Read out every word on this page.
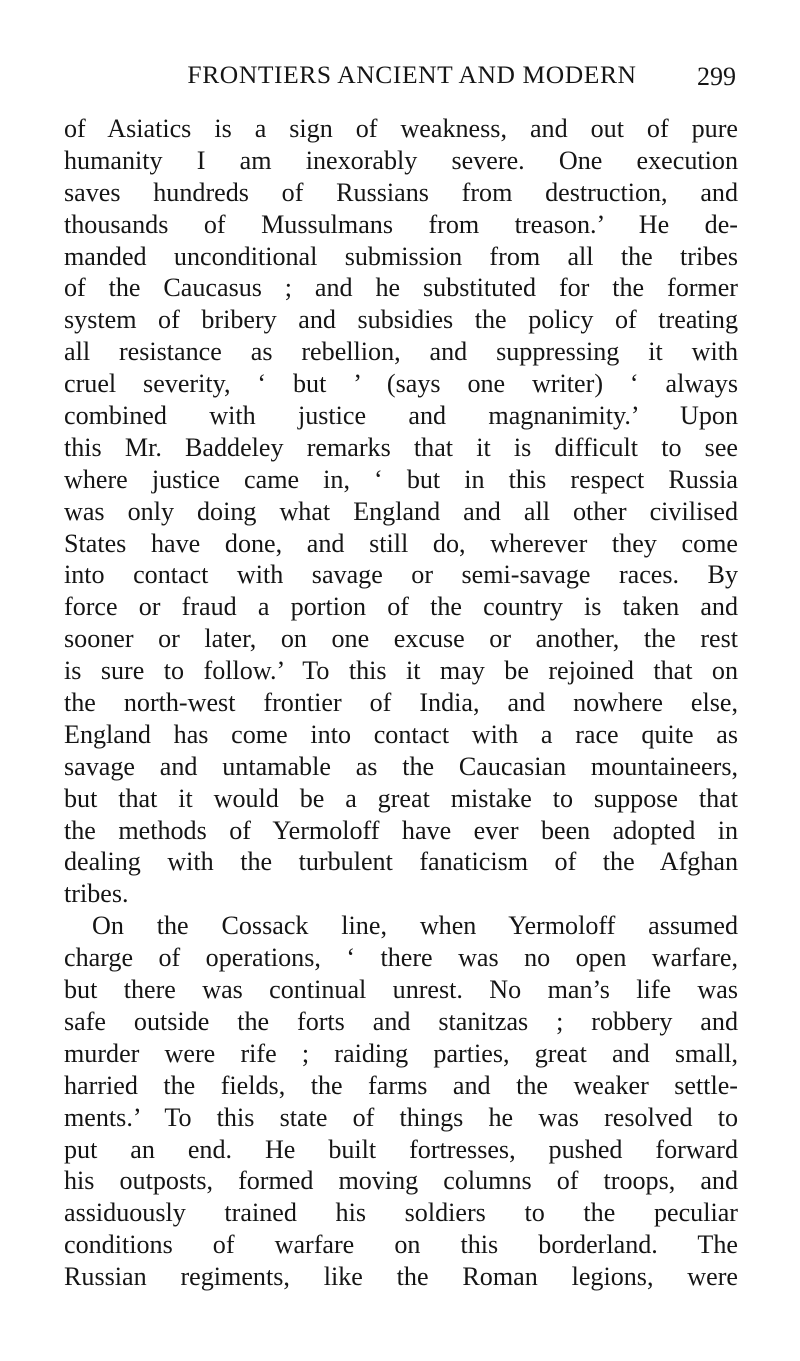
FRONTIERS ANCIENT AND MODERN	299
of Asiatics is a sign of weakness, and out of pure
humanity I am inexorably severe. One execution
saves hundreds of Russians from destruction, and
thousands of Mussulmans from treason.’ He de-
manded unconditional submission from all the tribes
of the Caucasus ; and he substituted for the former
system of bribery and subsidies the policy of treating
all resistance as rebellion, and suppressing it with
cruel severity, ‘ but ’ (says one writer) ‘ always
combined with justice and magnanimity.’ Upon
this Mr. Baddeley remarks that it is difficult to see
where justice came in, ‘ but in this respect Russia
was only doing what England and all other civilised
States have done, and still do, wherever they come
into contact with savage or semi-savage races. By
force or fraud a portion of the country is taken and
sooner or later, on one excuse or another, the rest
is sure to follow.’ To this it may be rejoined that on
the north-west frontier of India, and nowhere else,
England has come into contact with a race quite as
savage and untamable as the Caucasian mountaineers,
but that it would be a great mistake to suppose that
the methods of Yermoloff have ever been adopted in
dealing with the turbulent fanaticism of the Afghan
tribes.
On the Cossack line, when Yermoloff assumed
charge of operations, ‘ there was no open warfare,
but there was continual unrest. No man’s life was
safe outside the forts and stanitzas ; robbery and
murder were rife ; raiding parties, great and small,
harried the fields, the farms and the weaker settle-
ments.’ To this state of things he was resolved to
put an end. He built fortresses, pushed forward
his outposts, formed moving columns of troops, and
assiduously trained his soldiers to the peculiar
conditions of warfare on this borderland. The
Russian regiments, like the Roman legions, were
